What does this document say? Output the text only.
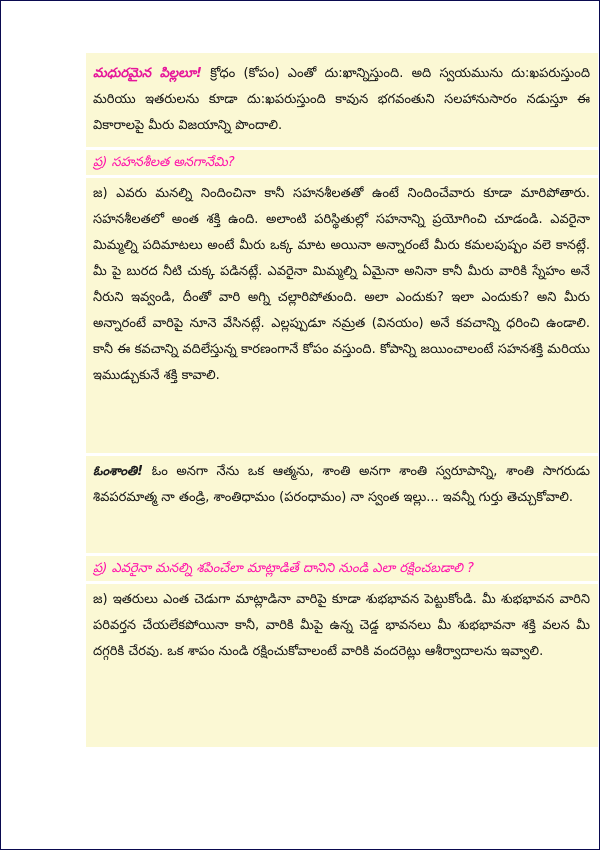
మధురమైన పిల్లలూ! క్రోధం (కోపం) ఎంతో దు:ఖాన్నిస్తుంది. అది స్వయమును దు:ఖపరుస్తుంది మరియు ఇతరులను కూడా దు:ఖపరుస్తుంది కావున భగవంతుని సలహానుసారం నడుస్తూ ఈ వికారాలపై మీరు విజయాన్ని పొందాలి.

ప్ర) సహనశీలత అనగానేమి?

జ) ఎవరు మనల్ని నిందించినా కానీ సహనశీలతతో ఉంటే నిందించేవారు కూడా మారిపోతారు. సహనశీలతలో అంత శక్తి ఉంది. అలాంటి పరిస్థితుల్లో సహనాన్ని ప్రయోగించి చూడండి. ఎవరైనా మిమ్మల్ని పదిమాటలు అంటే మీరు ఒక్క మాట అయినా అన్నారంటే మీరు కమలపుష్పం వలె కానట్లే. మీ పై బురద నీటి చుక్క పడినట్లే. ఎవరైనా మిమ్మల్ని ఏమైనా అనినా కానీ మీరు వారికి స్నేహం అనే నీరుని ఇవ్వండి, దీంతో వారి అగ్ని చల్లారిపోతుంది. అలా ఎందుకు? ఇలా ఎందుకు? అని మీరు అన్నారంటే వారిపై నూనె వేసినట్లే. ఎల్లప్పుడూ నమ్రత (వినయం) అనే కవచాన్ని ధరించి ఉండాలి. కానీ ఈ కవచాన్ని వదిలేస్తున్న కారణంగానే కోపం వస్తుంది. కోపాన్ని జయించాలంటే సహనశక్తి మరియు ఇముడ్చుకునే శక్తి కావాలి.

ఓంశాంతి! ఓం అనగా నేను ఒక ఆత్మను, శాంతి అనగా శాంతి స్వరూపాన్ని, శాంతి సాగరుడు శివపరమాత్మ నా తండ్రి, శాంతిధామం (పరంధామం) నా స్వంత ఇల్లు... ఇవన్నీ గుర్తు తెచ్చుకోవాలి.

ప్ర) ఎవరైనా మనల్ని శపించేలా మాట్లాడితే దానిని నుండి ఎలా రక్షించబడాలి ?

జ) ఇతరులు ఎంత చెడుగా మాట్లాడినా వారిపై కూడా శుభభావన పెట్టుకోండి. మీ శుభభావన వారిని పరివర్తన చేయలేకపోయినా కానీ, వారికి మీపై ఉన్న చెడ్డ భావనలు మీ శుభభావనా శక్తి వలన మీ దగ్గరికి చేరవు. ఒక శాపం నుండి రక్షించుకోవాలంటే వారికి వందరెట్లు ఆశీర్వాదాలను ఇవ్వాలి.
